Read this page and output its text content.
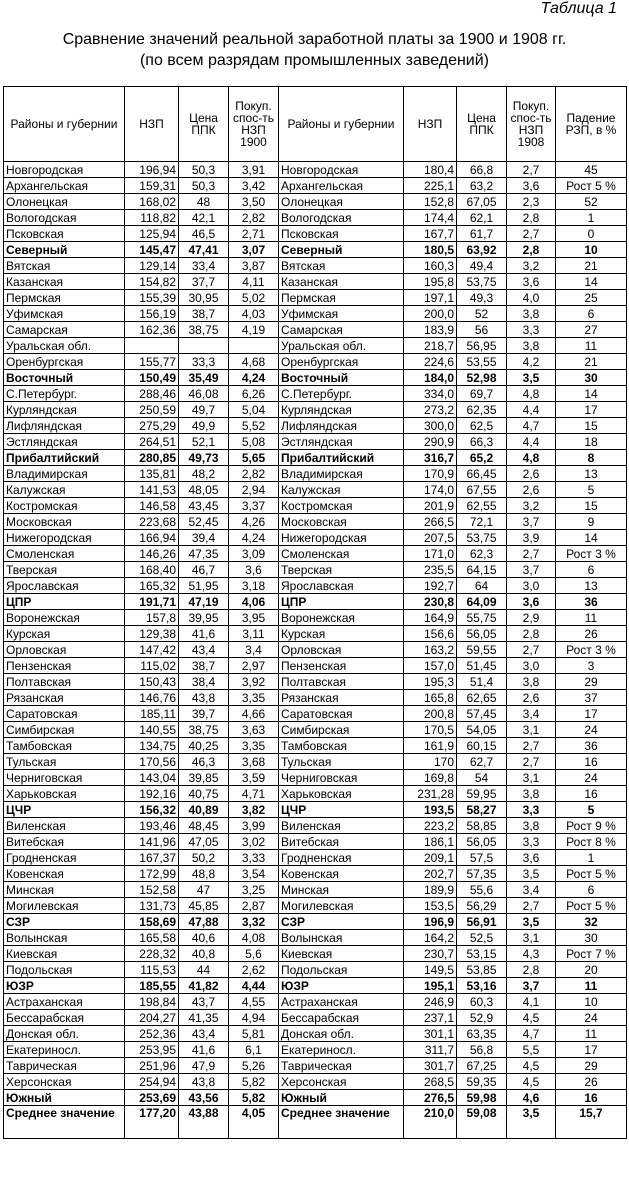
Таблица 1
Сравнение значений реальной заработной платы за 1900 и 1908 гг.
(по всем разрядам промышленных заведений)
Районы и губернии	НЗП	Цена ППК	Покуп. спос-ть НЗП 1900	Районы и губернии	НЗП	Цена ППК	Покуп. спос-ть НЗП 1908	Падение РЗП, в %
Новгородская	196,94	50,3	3,91	Новгородская	180,4	66,8	2,7	45
Архангельская	159,31	50,3	3,42	Архангельская	225,1	63,2	3,6	Рост 5 %
Олонецкая	168,02	48	3,50	Олонецкая	152,8	67,05	2,3	52
Вологодская	118,82	42,1	2,82	Вологодская	174,4	62,1	2,8	1
Псковская	125,94	46,5	2,71	Псковская	167,7	61,7	2,7	0
Северный	145,47	47,41	3,07	Северный	180,5	63,92	2,8	10
Вятская	129,14	33,4	3,87	Вятская	160,3	49,4	3,2	21
Казанская	154,82	37,7	4,11	Казанская	195,8	53,75	3,6	14
Пермская	155,39	30,95	5,02	Пермская	197,1	49,3	4,0	25
Уфимская	156,19	38,7	4,03	Уфимская	200,0	52	3,8	6
Самарская	162,36	38,75	4,19	Самарская	183,9	56	3,3	27
Уральская обл.				Уральская обл.	218,7	56,95	3,8	11
Оренбургская	155,77	33,3	4,68	Оренбургская	224,6	53,55	4,2	21
Восточный	150,49	35,49	4,24	Восточный	184,0	52,98	3,5	30
С.Петербург.	288,46	46,08	6,26	С.Петербург.	334,0	69,7	4,8	14
Курляндская	250,59	49,7	5,04	Курляндская	273,2	62,35	4,4	17
Лифляндская	275,29	49,9	5,52	Лифляндская	300,0	62,5	4,7	15
Эстляндская	264,51	52,1	5,08	Эстляндская	290,9	66,3	4,4	18
Прибалтийский	280,85	49,73	5,65	Прибалтийский	316,7	65,2	4,8	8
Владимирская	135,81	48,2	2,82	Владимирская	170,9	66,45	2,6	13
Калужская	141,53	48,05	2,94	Калужская	174,0	67,55	2,6	5
Костромская	146,58	43,45	3,37	Костромская	201,9	62,55	3,2	15
Московская	223,68	52,45	4,26	Московская	266,5	72,1	3,7	9
Нижегородская	166,94	39,4	4,24	Нижегородская	207,5	53,75	3,9	14
Смоленская	146,26	47,35	3,09	Смоленская	171,0	62,3	2,7	Рост 3 %
Тверская	168,40	46,7	3,6	Тверская	235,5	64,15	3,7	6
Ярославская	165,32	51,95	3,18	Ярославская	192,7	64	3,0	13
ЦПР	191,71	47,19	4,06	ЦПР	230,8	64,09	3,6	36
Воронежская	157,8	39,95	3,95	Воронежская	164,9	55,75	2,9	11
Курская	129,38	41,6	3,11	Курская	156,6	56,05	2,8	26
Орловская	147,42	43,4	3,4	Орловская	163,2	59,55	2,7	Рост 3 %
Пензенская	115,02	38,7	2,97	Пензенская	157,0	51,45	3,0	3
Полтавская	150,43	38,4	3,92	Полтавская	195,3	51,4	3,8	29
Рязанская	146,76	43,8	3,35	Рязанская	165,8	62,65	2,6	37
Саратовская	185,11	39,7	4,66	Саратовская	200,8	57,45	3,4	17
Симбирская	140,55	38,75	3,63	Симбирская	170,5	54,05	3,1	24
Тамбовская	134,75	40,25	3,35	Тамбовская	161,9	60,15	2,7	36
Тульская	170,56	46,3	3,68	Тульская	170	62,7	2,7	16
Черниговская	143,04	39,85	3,59	Черниговская	169,8	54	3,1	24
Харьковская	192,16	40,75	4,71	Харьковская	231,28	59,95	3,8	16
ЦЧР	156,32	40,89	3,82	ЦЧР	193,5	58,27	3,3	5
Виленская	193,46	48,45	3,99	Виленская	223,2	58,85	3,8	Рост 9 %
Витебская	141,96	47,05	3,02	Витебская	186,1	56,05	3,3	Рост 8 %
Гродненская	167,37	50,2	3,33	Гродненская	209,1	57,5	3,6	1
Ковенская	172,99	48,8	3,54	Ковенская	202,7	57,35	3,5	Рост 5 %
Минская	152,58	47	3,25	Минская	189,9	55,6	3,4	6
Могилевская	131,73	45,85	2,87	Могилевская	153,5	56,29	2,7	Рост 5 %
СЗР	158,69	47,88	3,32	СЗР	196,9	56,91	3,5	32
Волынская	165,58	40,6	4,08	Волынская	164,2	52,5	3,1	30
Киевская	228,32	40,8	5,6	Киевская	230,7	53,15	4,3	Рост 7 %
Подольская	115,53	44	2,62	Подольская	149,5	53,85	2,8	20
ЮЗР	185,55	41,82	4,44	ЮЗР	195,1	53,16	3,7	11
Астраханская	198,84	43,7	4,55	Астраханская	246,9	60,3	4,1	10
Бессарабская	204,27	41,35	4,94	Бессарабская	237,1	52,9	4,5	24
Донская обл.	252,36	43,4	5,81	Донская обл.	301,1	63,35	4,7	11
Екатериносл.	253,95	41,6	6,1	Екатериносл.	311,7	56,8	5,5	17
Таврическая	251,96	47,9	5,26	Таврическая	301,7	67,25	4,5	29
Херсонская	254,94	43,8	5,82	Херсонская	268,5	59,35	4,5	26
Южный	253,69	43,56	5,82	Южный	276,5	59,98	4,6	16
Среднее значение	177,20	43,88	4,05	Среднее значение	210,0	59,08	3,5	15,7
